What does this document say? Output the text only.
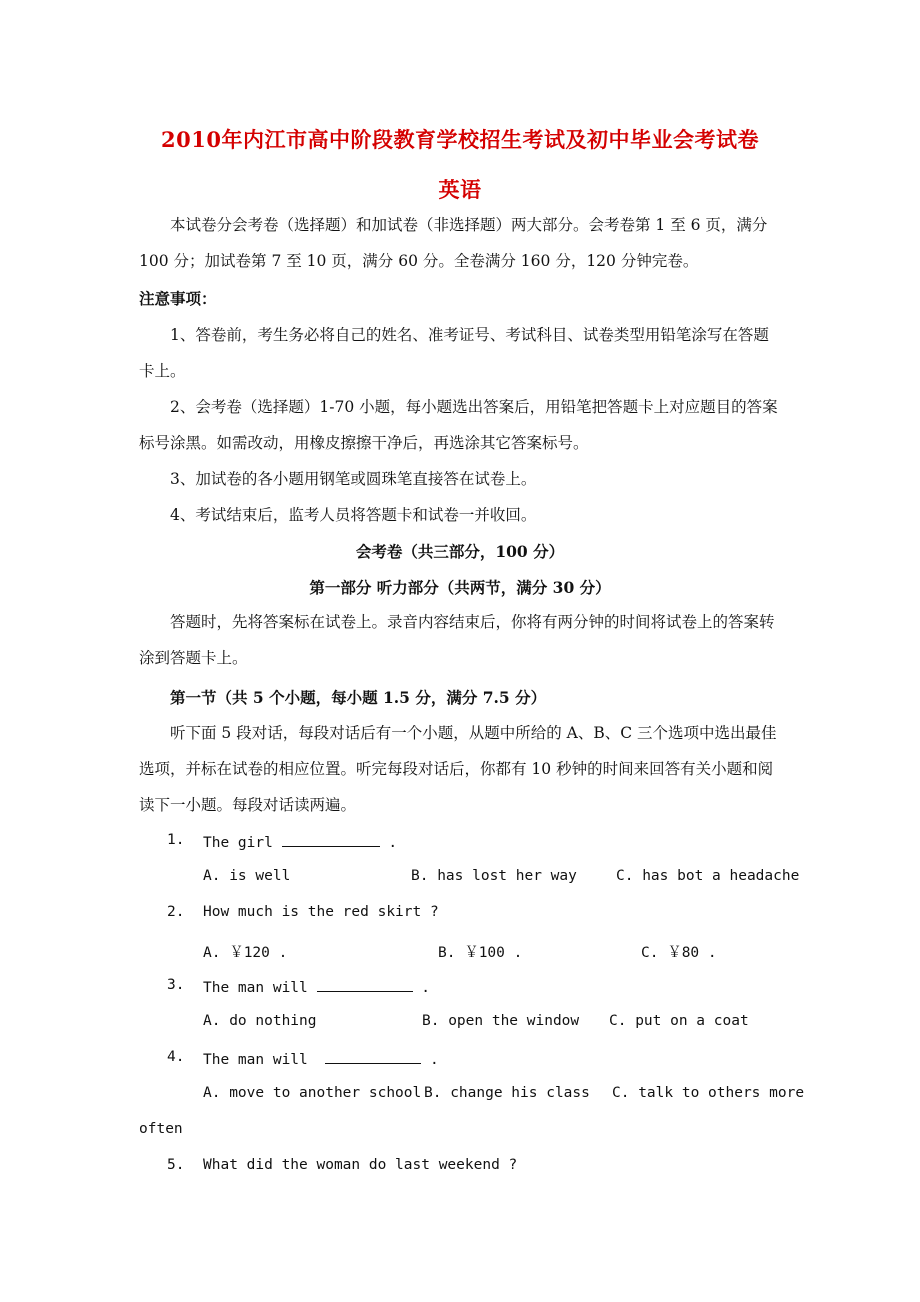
2010年内江市高中阶段教育学校招生考试及初中毕业会考试卷
英语
本试卷分会考卷（选择题）和加试卷（非选择题）两大部分。会考卷第 1 至 6 页，满分 100 分；加试卷第 7 至 10 页，满分 60 分。全卷满分 160 分，120 分钟完卷。
注意事项：
1、答卷前，考生务必将自己的姓名、准考证号、考试科目、试卷类型用铅笔涂写在答题卡上。
2、会考卷（选择题）1-70 小题，每小题选出答案后，用铅笔把答题卡上对应题目的答案标号涂黑。如需改动，用橡皮擦擦干净后，再选涂其它答案标号。
3、加试卷的各小题用钢笔或圆珠笔直接答在试卷上。
4、考试结束后，监考人员将答题卡和试卷一并收回。
会考卷（共三部分，100 分）
第一部分 听力部分（共两节，满分 30 分）
答题时，先将答案标在试卷上。录音内容结束后，你将有两分钟的时间将试卷上的答案转涂到答题卡上。
第一节（共 5 个小题，每小题 1.5 分，满分 7.5 分）
听下面 5 段对话，每段对话后有一个小题，从题中所给的 A、B、C 三个选项中选出最佳选项，并标在试卷的相应位置。听完每段对话后，你都有 10 秒钟的时间来回答有关小题和阅读下一小题。每段对话读两遍。
1. The girl	.
A. is well	B. has lost her way	C. has bot a headache
2. How much is the red skirt ?
A. ￥120 .	B. ￥100 .	C. ￥80 .
3. The man will	.
A. do nothing	B. open the window C. put on a coat
4. The man will	.
A. move to another school B. change his class C. talk to others more
often
5. What did the woman do last weekend ?
